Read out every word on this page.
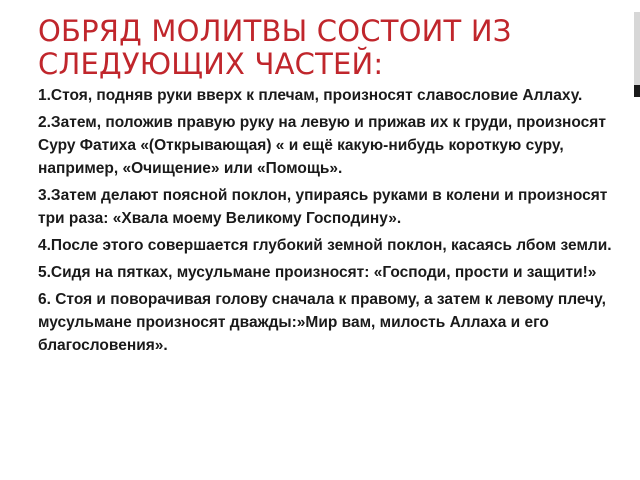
ОБРЯД МОЛИТВЫ СОСТОИТ ИЗ СЛЕДУЮЩИХ ЧАСТЕЙ:
1.Стоя, подняв руки вверх к плечам, произносят славословие Аллаху.
2.Затем, положив правую руку на левую и прижав их к груди, произносят Суру Фатиха «(Открывающая) « и ещё какую-нибудь короткую суру, например, «Очищение» или «Помощь».
3.Затем делают поясной поклон, упираясь руками в колени и произносят три раза: «Хвала моему Великому Господину».
4.После этого совершается глубокий земной поклон, касаясь лбом земли.
5.Сидя на пятках, мусульмане произносят: «Господи, прости и защити!»
6. Стоя и поворачивая голову сначала к правому, а затем к левому плечу, мусульмане произносят дважды:»Мир вам, милость Аллаха и его благословения».
